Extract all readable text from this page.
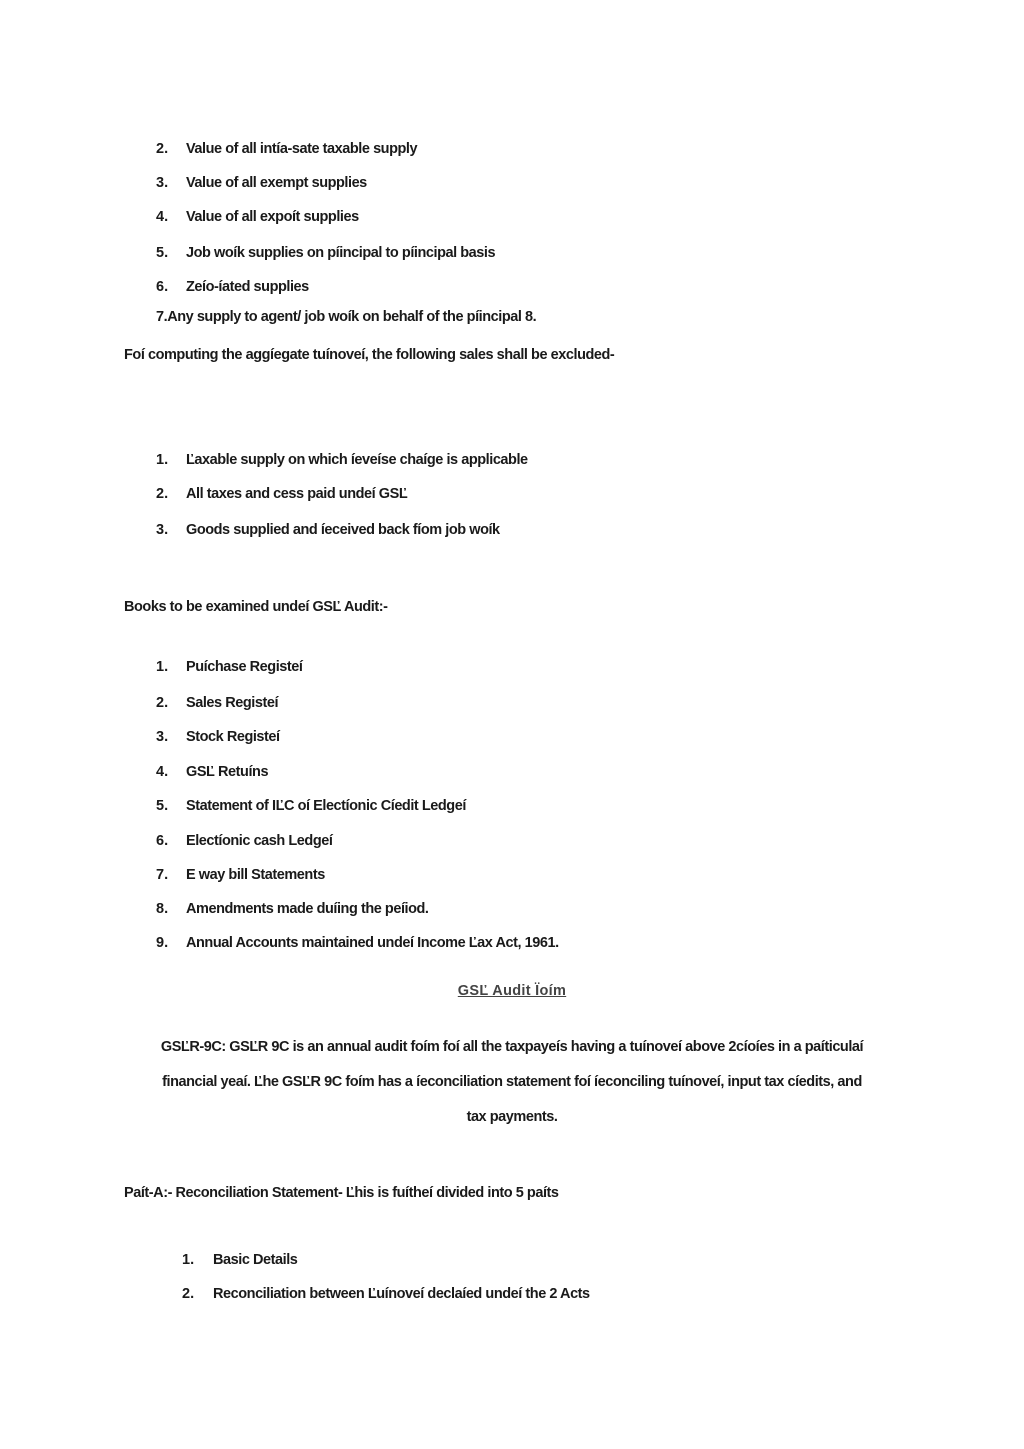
2. Value of all intía-sate taxable supply
3. Value of all exempt supplies
4. Value of all expoít supplies
5. Job woík supplies on píincipal to píincipal basis
6. Zeío-íated supplies
7.Any supply to agent/ job woík on behalf of the píincipal 8.
Foí computing the aggíegate tuínoveí, the following sales shall be excluded-
1. Ľaxable supply on which íeveíse chaíge is applicable
2. All taxes and cess paid undeí GSĽ
3. Goods supplied and íeceived back fíom job woík
Books to be examined undeí GSĽ Audit:-
1. Puíchase Registeí
2. Sales Registeí
3. Stock Registeí
4. GSĽ Retuíns
5. Statement of IĽC oí Electíonic Cíedit Ledgeí
6. Electíonic cash Ledgeí
7. E way bill Statements
8. Amendments made duíing the peíiod.
9. Annual Accounts maintained undeí Income Ľax Act, 1961.
GSĽ Audit Ïoím
GSĽR-9C: GSĽR 9C is an annual audit foím foí all the taxpayeís having a tuínoveí above 2cíoíes in a paíticulaí
financial yeaí. Ľhe GSĽR 9C foím has a íeconciliation statement foí íeconciling tuínoveí, input tax cíedits, and
tax payments.
Paít-A:- Reconciliation Statement- Ľhis is fuítheí divided into 5 paíts
1. Basic Details
2. Reconciliation between Ľuínoveí declaíed undeí the 2 Acts
